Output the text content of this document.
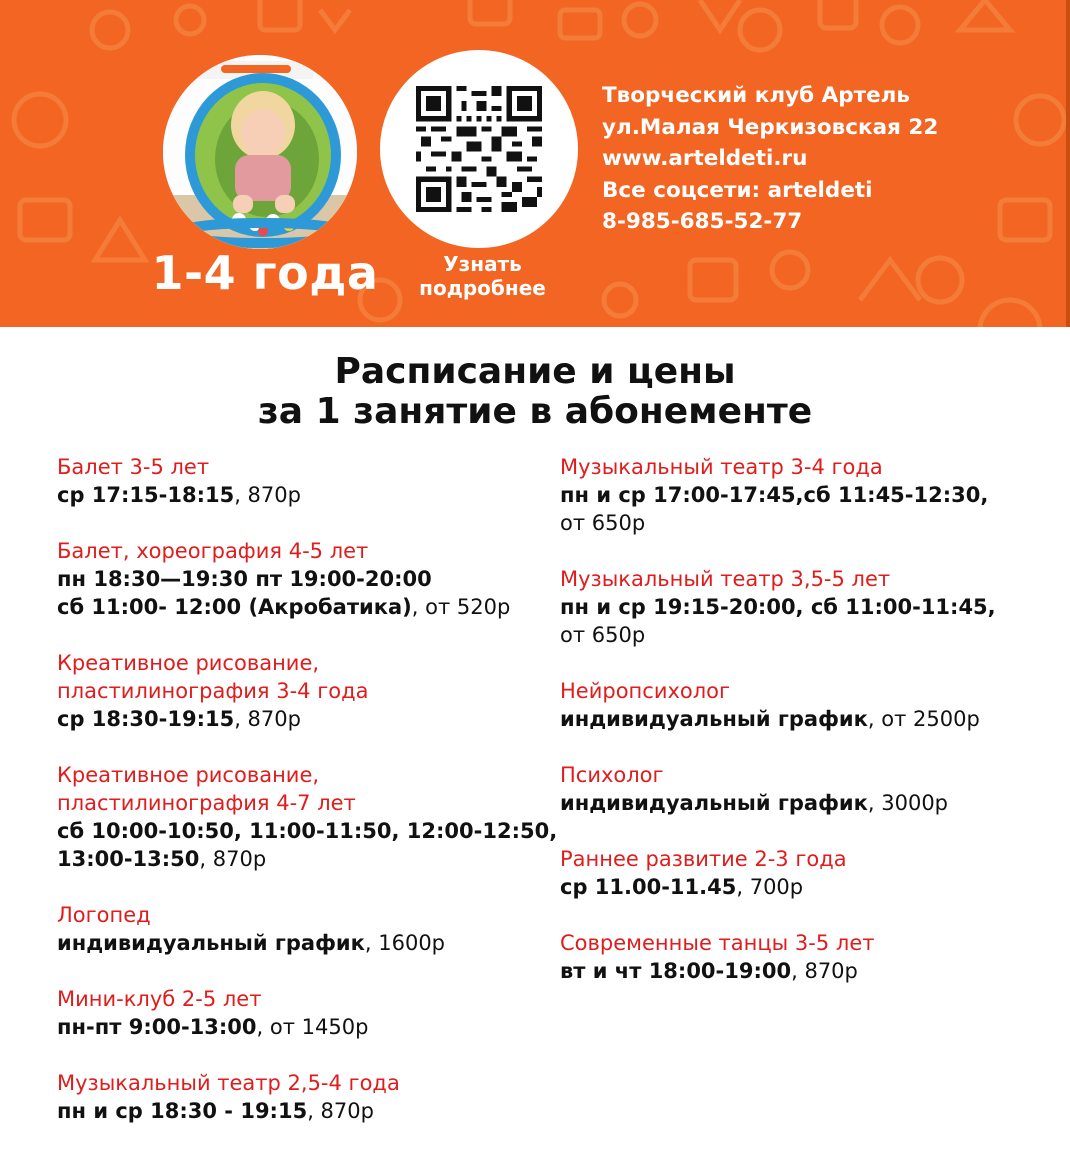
1-4 года	Узнать
подробнее
Творческий клуб Артель
ул.Малая Черкизовская 22
www.arteldeti.ru
Все соцсети: arteldeti
8-985-685-52-77
Расписание и цены
за 1 занятие в абонементе
Балет 3-5 лет
ср 17:15-18:15, 870р
Балет, хореография 4-5 лет
пн 18:30—19:30 пт 19:00-20:00
сб 11:00- 12:00 (Акробатика), от 520р
Креативное рисование,
пластилинография 3-4 года
ср 18:30-19:15, 870р
Креативное рисование,
пластилинография 4-7 лет
сб 10:00-10:50, 11:00-11:50, 12:00-12:50,
13:00-13:50, 870р
Логопед
индивидуальный график, 1600р
Мини-клуб 2-5 лет
пн-пт 9:00-13:00, от 1450р
Музыкальный театр 2,5-4 года
пн и ср 18:30 - 19:15, 870р
Музыкальный театр 3-4 года
пн и ср 17:00-17:45,сб 11:45-12:30,
от 650р
Музыкальный театр 3,5-5 лет
пн и ср 19:15-20:00, сб 11:00-11:45,
от 650р
Нейропсихолог
индивидуальный график, от 2500р
Психолог
индивидуальный график, 3000р
Раннее развитие 2-3 года
ср 11.00-11.45, 700р
Современные танцы 3-5 лет
вт и чт 18:00-19:00, 870р
